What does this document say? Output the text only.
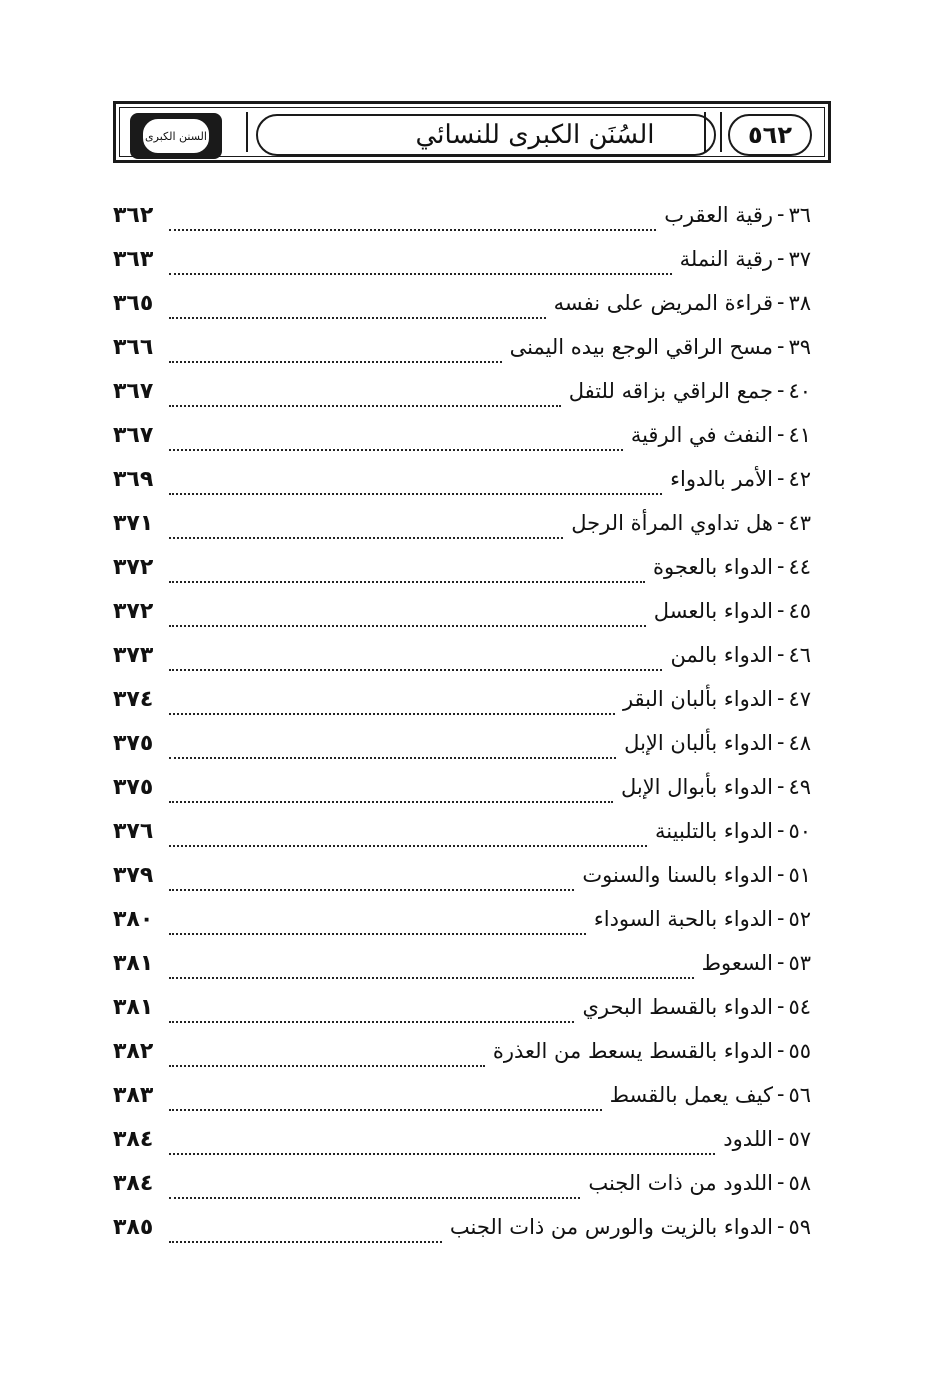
السنن الكبرى	السُنَن الكبرى للنسائي	٥٦٢
٣٦
-
رقية العقرب
٣٦٢
٣٧
-
رقية النملة
٣٦٣
٣٨
-
قراءة المريض على نفسه
٣٦٥
٣٩
-
مسح الراقي الوجع بيده اليمنى
٣٦٦
٤٠
-
جمع الراقي بزاقه للتفل
٣٦٧
٤١
-
النفث في الرقية
٣٦٧
٤٢
-
الأمر بالدواء
٣٦٩
٤٣
-
هل تداوي المرأة الرجل
٣٧١
٤٤
-
الدواء بالعجوة
٣٧٢
٤٥
-
الدواء بالعسل
٣٧٢
٤٦
-
الدواء بالمن
٣٧٣
٤٧
-
الدواء بألبان البقر
٣٧٤
٤٨
-
الدواء بألبان الإبل
٣٧٥
٤٩
-
الدواء بأبوال الإبل
٣٧٥
٥٠
-
الدواء بالتلبينة
٣٧٦
٥١
-
الدواء بالسنا والسنوت
٣٧٩
٥٢
-
الدواء بالحبة السوداء
٣٨٠
٥٣
-
السعوط
٣٨١
٥٤
-
الدواء بالقسط البحري
٣٨١
٥٥
-
الدواء بالقسط يسعط من العذرة
٣٨٢
٥٦
-
كيف يعمل بالقسط
٣٨٣
٥٧
-
اللدود
٣٨٤
٥٨
-
اللدود من ذات الجنب
٣٨٤
٥٩
-
الدواء بالزيت والورس من ذات الجنب
٣٨٥
